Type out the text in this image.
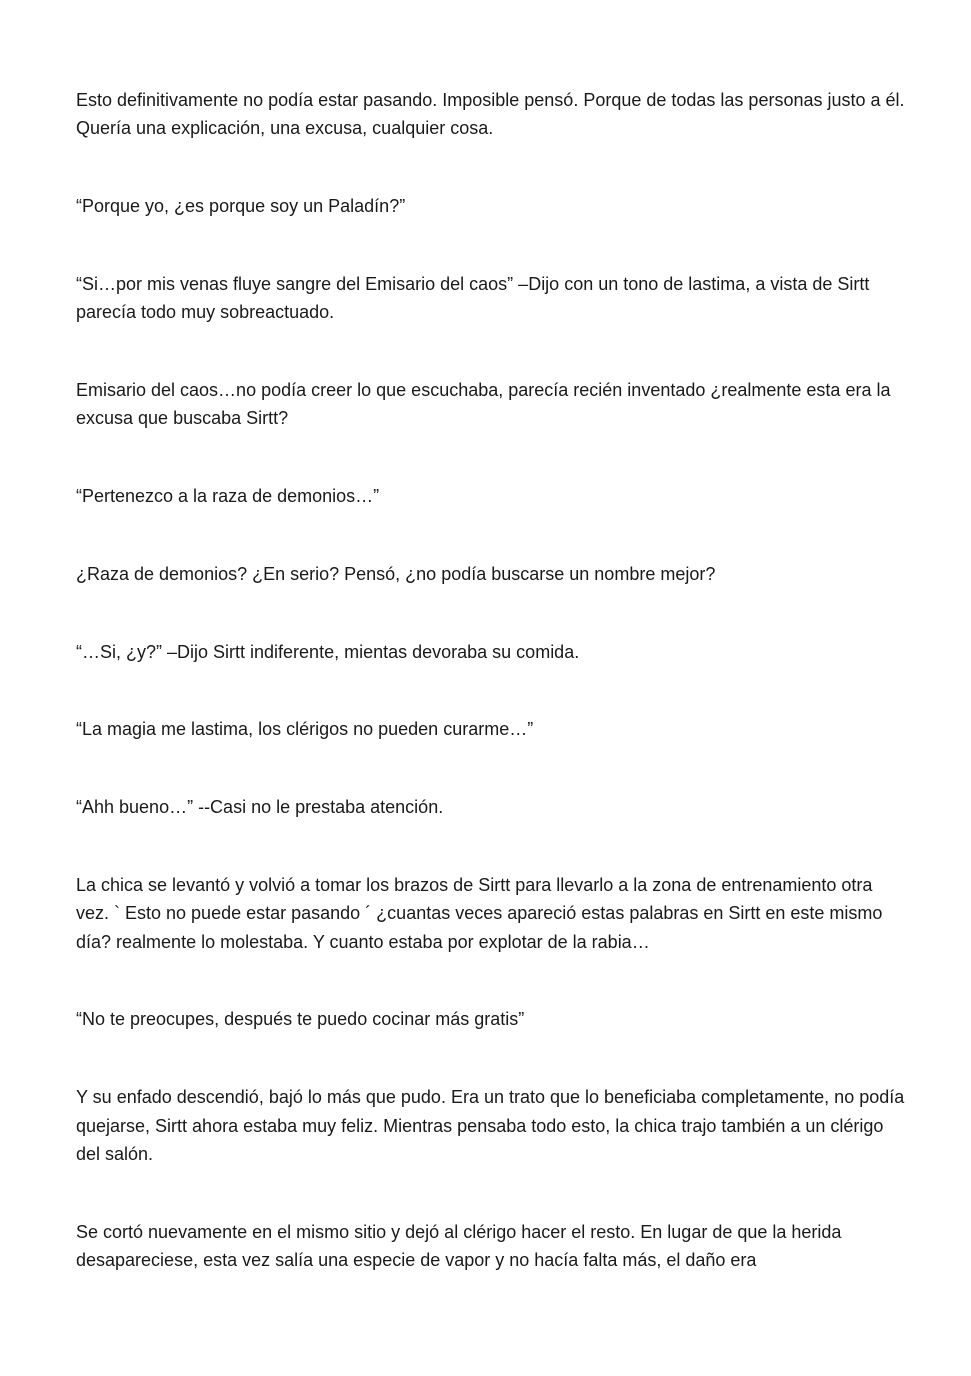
Esto definitivamente no podía estar pasando. Imposible pensó. Porque de todas las personas justo a él. Quería una explicación, una excusa, cualquier cosa.

“Porque yo, ¿es porque soy un Paladín?”

“Si…por mis venas fluye sangre del Emisario del caos” –Dijo con un tono de lastima, a vista de Sirtt parecía todo muy sobreactuado.

Emisario del caos…no podía creer lo que escuchaba, parecía recién inventado ¿realmente esta era la excusa que buscaba Sirtt?

“Pertenezco a la raza de demonios…”

¿Raza de demonios? ¿En serio? Pensó, ¿no podía buscarse un nombre mejor?

“…Si, ¿y?” –Dijo Sirtt indiferente, mientas devoraba su comida.

“La magia me lastima, los clérigos no pueden curarme…”

“Ahh bueno…” --Casi no le prestaba atención.

La chica se levantó y volvió a tomar los brazos de Sirtt para llevarlo a la zona de entrenamiento otra vez. ` Esto no puede estar pasando ´ ¿cuantas veces apareció estas palabras en Sirtt en este mismo día? realmente lo molestaba. Y cuanto estaba por explotar de la rabia…

“No te preocupes, después te puedo cocinar más gratis”

Y su enfado descendió, bajó lo más que pudo. Era un trato que lo beneficiaba completamente, no podía quejarse, Sirtt ahora estaba muy feliz. Mientras pensaba todo esto, la chica trajo también a un clérigo del salón.

Se cortó nuevamente en el mismo sitio y dejó al clérigo hacer el resto. En lugar de que la herida desapareciese, esta vez salía una especie de vapor y no hacía falta más, el daño era
